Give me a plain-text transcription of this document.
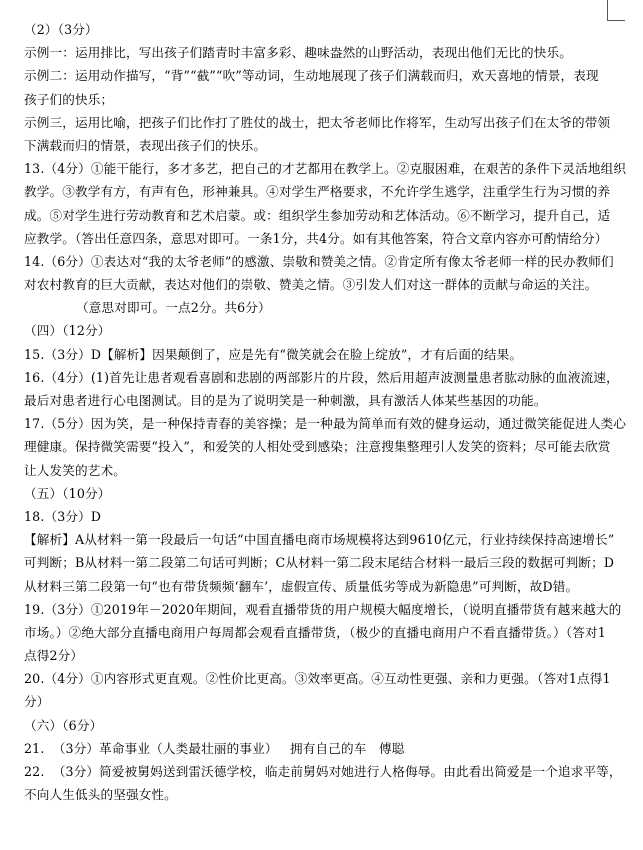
（2）（3分）
示例一：运用排比，写出孩子们踏青时丰富多彩、趣味盎然的山野活动，表现出他们无比的快乐。
示例二：运用动作描写，“背”“截”“吹”等动词，生动地展现了孩子们满载而归，欢天喜地的情景，表现
孩子们的快乐；
示例三，运用比喻，把孩子们比作打了胜仗的战士，把太爷老师比作将军，生动写出孩子们在太爷的带领
下满载而归的情景，表现出孩子们的快乐。
13.（4分）①能干能行，多才多艺，把自己的才艺都用在教学上。②克服困难，在艰苦的条件下灵活地组织
教学。③教学有方，有声有色，形神兼具。④对学生严格要求，不允许学生逃学，注重学生行为习惯的养
成。⑤对学生进行劳动教育和艺术启蒙。或：组织学生参加劳动和艺体活动。⑥不断学习，提升自己，适
应教学。（答出任意四条，意思对即可。一条1分，共4分。如有其他答案，符合文章内容亦可酌情给分）
14.（6分）①表达对“我的太爷老师”的感激、崇敬和赞美之情。②肯定所有像太爷老师一样的民办教师们
对农村教育的巨大贡献，表达对他们的崇敬、赞美之情。③引发人们对这一群体的贡献与命运的关注。
（意思对即可。一点2分。共6分）
（四）（12分）
15.（3分）D【解析】因果颠倒了，应是先有“微笑就会在脸上绽放”，才有后面的结果。
16.（4分）(1)首先让患者观看喜剧和悲剧的两部影片的片段，然后用超声波测量患者肱动脉的血液流速，
最后对患者进行心电图测试。目的是为了说明笑是一种刺激，具有激活人体某些基因的功能。
17.（5分）因为笑，是一种保持青春的美容操；是一种最为简单而有效的健身运动，通过微笑能促进人类心
理健康。保持微笑需要“投入”，和爱笑的人相处受到感染；注意搜集整理引人发笑的资料；尽可能去欣赏
让人发笑的艺术。
（五）（10分）
18.（3分）D
【解析】A从材料一第一段最后一句话“中国直播电商市场规模将达到9610亿元，行业持续保持高速增长”
可判断；B从材料一第二段第二句话可判断；C从材料一第二段末尾结合材料一最后三段的数据可判断；D
从材料三第二段第一句“也有带货频频‘翻车’，虚假宣传、质量低劣等成为新隐患”可判断，故D错。
19.（3分）①2019年－2020年期间，观看直播带货的用户规模大幅度增长，（说明直播带货有越来越大的
市场。）②绝大部分直播电商用户每周都会观看直播带货，（极少的直播电商用户不看直播带货。）（答对1
点得2分）
20.（4分）①内容形式更直观。②性价比更高。③效率更高。④互动性更强、亲和力更强。（答对1点得1
分）
（六）（6分）
21.  （3分）革命事业（人类最壮丽的事业）   拥有自己的车   傅聪
22.  （3分）简爱被舅妈送到雷沃德学校，临走前舅妈对她进行人格侮辱。由此看出简爱是一个追求平等，
不向人生低头的坚强女性。
